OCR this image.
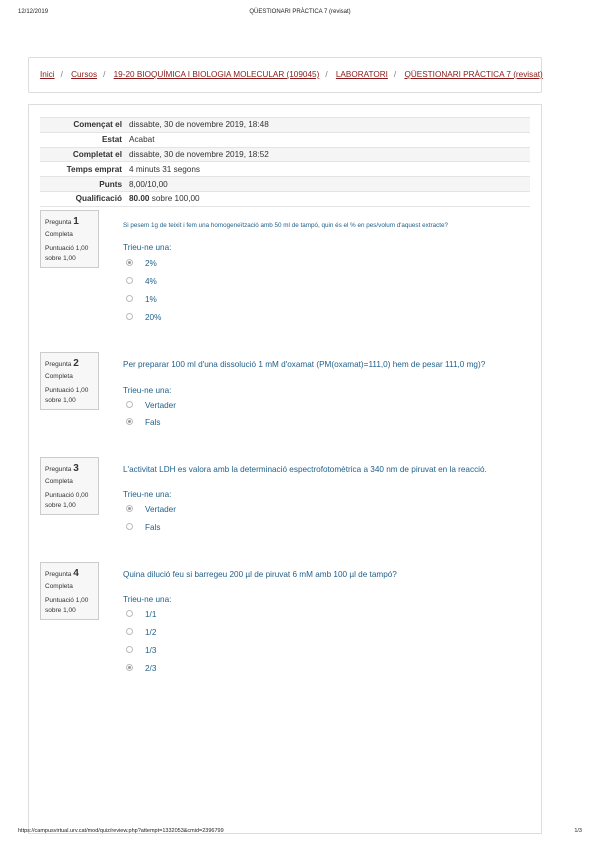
12/12/2019	QÜESTIONARI PRÀCTICA 7 (revisat)
Inici / Cursos / 19-20 BIOQUÍMICA I BIOLOGIA MOLECULAR (109045) / LABORATORI / QÜESTIONARI PRÀCTICA 7 (revisat)
Començat el	dissabte, 30 de novembre 2019, 18:48
Estat	Acabat
Completat el	dissabte, 30 de novembre 2019, 18:52
Temps emprat	4 minuts 31 segons
Punts	8,00/10,00
Qualificació	80.00 sobre 100,00
Pregunta 1
Completa
Puntuació 1,00 sobre 1,00
Si pesem 1g de teixit i fem una homogeneïtzació amb 50 ml de tampó, quin és el % en pes/volum d'aquest extracte?
Trieu-ne una:
2%
4%
1%
20%
Pregunta 2
Completa
Puntuació 1,00 sobre 1,00
Per preparar 100 ml d'una dissolució 1 mM d'oxamat (PM(oxamat)=111,0) hem de pesar 111,0 mg)?
Trieu-ne una:
Vertader
Fals
Pregunta 3
Completa
Puntuació 0,00 sobre 1,00
L'activitat LDH es valora amb la determinació espectrofotomètrica a 340 nm de piruvat en la reacció.
Trieu-ne una:
Vertader
Fals
Pregunta 4
Completa
Puntuació 1,00 sobre 1,00
Quina dilució feu si barregeu 200 µl de piruvat 6 mM amb 100 µl de tampó?
Trieu-ne una:
1/1
1/2
1/3
2/3
https://campusvirtual.urv.cat/mod/quiz/review.php?attempt=1332053&cmid=2396799	1/3
